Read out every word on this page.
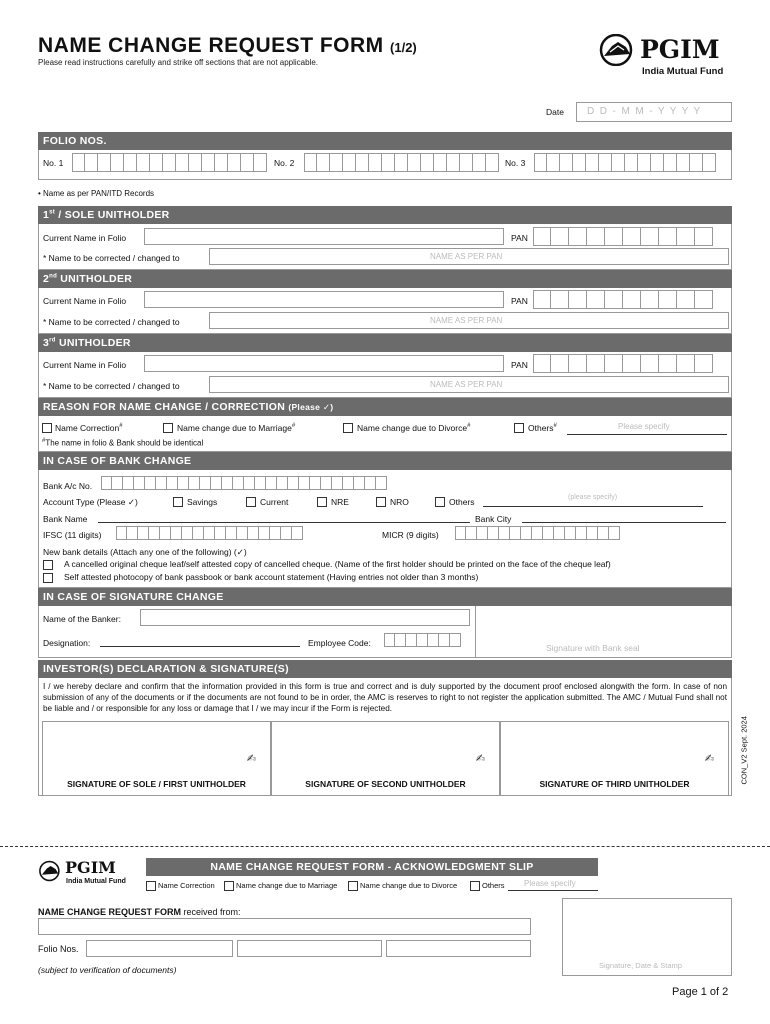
NAME CHANGE REQUEST FORM (1/2)
Please read instructions carefully and strike off sections that are not applicable.	PGIM
India Mutual Fund
Date D  D  -  M  M  -  Y  Y  Y  Y
FOLIO NOS.
No. 1	No. 2	No. 3
• Name as per PAN/ITD Records
1st / SOLE UNITHOLDER
Current Name in Folio	PAN
* Name to be corrected / changed to	NAME AS PER PAN
2nd UNITHOLDER
Current Name in Folio	PAN
* Name to be corrected / changed to	NAME AS PER PAN
3rd UNITHOLDER
Current Name in Folio	PAN
* Name to be corrected / changed to	NAME AS PER PAN
REASON FOR NAME CHANGE / CORRECTION (Please ✓)
Name Correction#	Name change due to Marriage#	Name change due to Divorce#	Others#	Please specify
#The name in folio & Bank should be identical
IN CASE OF BANK CHANGE
Bank A/c No.
Account Type (Please ✓)	Savings	Current	NRE	NRO	Others	(please specify)
Bank Name	Bank City
IFSC (11 digits)	MICR (9 digits)
New bank details (Attach any one of the following) (✓)
A cancelled original cheque leaf/self attested copy of cancelled cheque. (Name of the first holder should be printed on the face of the cheque leaf)
Self attested photocopy of bank passbook or bank account statement (Having entries not older than 3 months)
IN CASE OF SIGNATURE CHANGE
Name of the Banker:
Designation:	Employee Code:	Signature with Bank seal
INVESTOR(S) DECLARATION & SIGNATURE(S)
I / we hereby declare and confirm that the information provided in this form is true and correct and is duly supported by the document proof enclosed alongwith the form. In case of non submission of any of the documents or if the documents are not found to be in order, the AMC is reserves to right to not register the application submitted. The AMC / Mutual Fund shall not be liable and / or responsible for any loss or damage that I / we may incur if the Form is rejected.
✍
SIGNATURE OF SOLE / FIRST UNITHOLDER
✍
SIGNATURE OF SECOND UNITHOLDER
✍
SIGNATURE OF THIRD UNITHOLDER	CON_V2 Sept. 2024
PGIM
India Mutual Fund
NAME CHANGE REQUEST FORM - ACKNOWLEDGMENT SLIP
Name Correction	Name change due to Marriage	Name change due to Divorce	Others Please specify
NAME CHANGE REQUEST FORM received from:
Folio Nos.
(subject to verification of documents)	Signature, Date & Stamp
Page 1 of 2
